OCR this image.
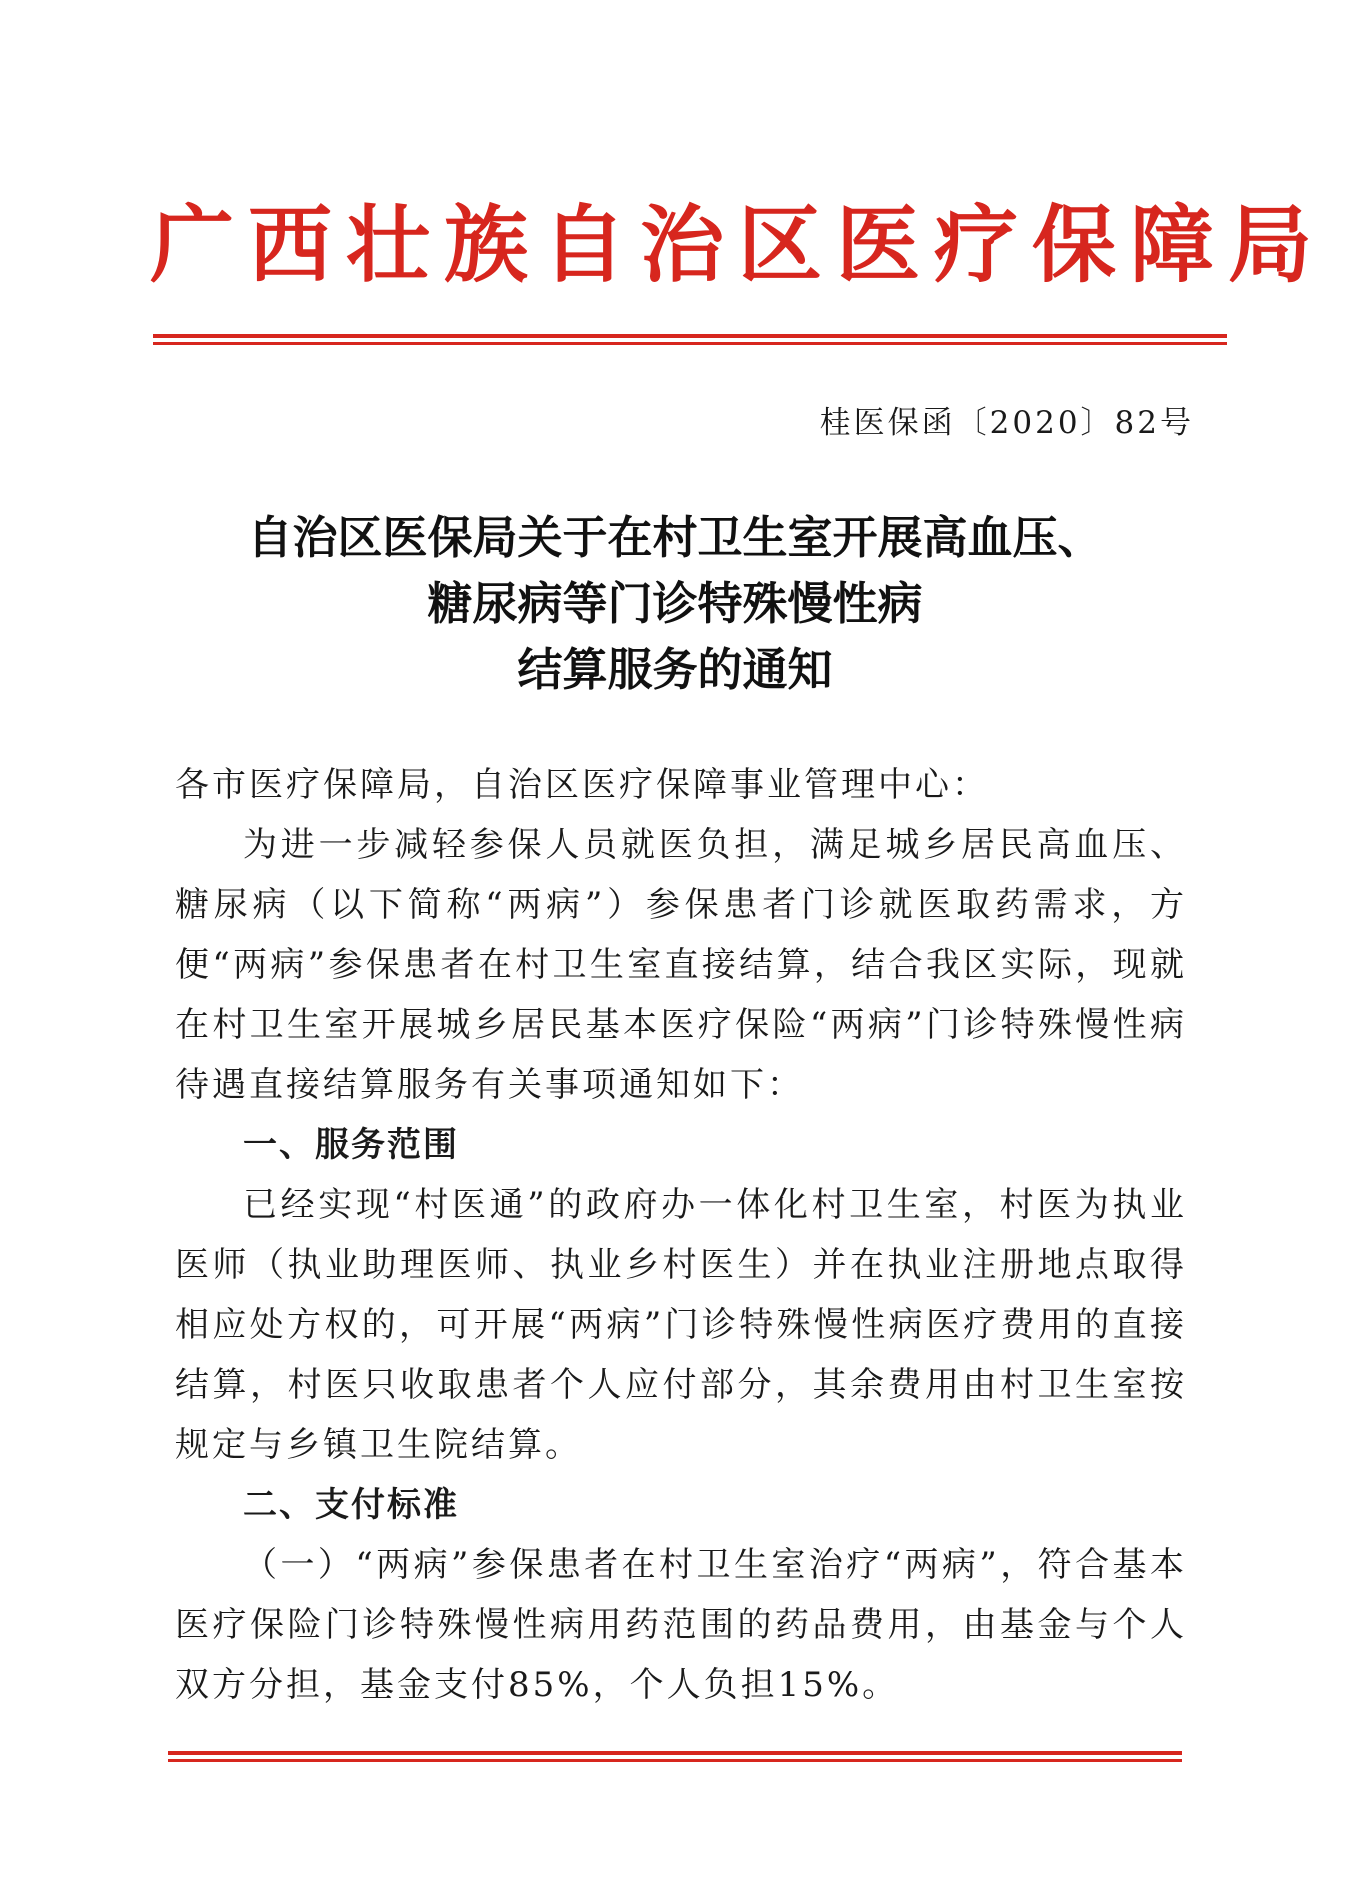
广西壮族自治区医疗保障局
桂医保函〔2020〕82号
自治区医保局关于在村卫生室开展高血压、
糖尿病等门诊特殊慢性病
结算服务的通知

各市医疗保障局，自治区医疗保障事业管理中心：

为进一步减轻参保人员就医负担，满足城乡居民高血压、糖尿病（以下简称“两病”）参保患者门诊就医取药需求，方便“两病”参保患者在村卫生室直接结算，结合我区实际，现就在村卫生室开展城乡居民基本医疗保险“两病”门诊特殊慢性病待遇直接结算服务有关事项通知如下：

一、服务范围

已经实现“村医通”的政府办一体化村卫生室，村医为执业医师（执业助理医师、执业乡村医生）并在执业注册地点取得相应处方权的，可开展“两病”门诊特殊慢性病医疗费用的直接结算，村医只收取患者个人应付部分，其余费用由村卫生室按规定与乡镇卫生院结算。

二、支付标准

（一）“两病”参保患者在村卫生室治疗“两病”，符合基本医疗保险门诊特殊慢性病用药范围的药品费用，由基金与个人双方分担，基金支付85%，个人负担15%。
